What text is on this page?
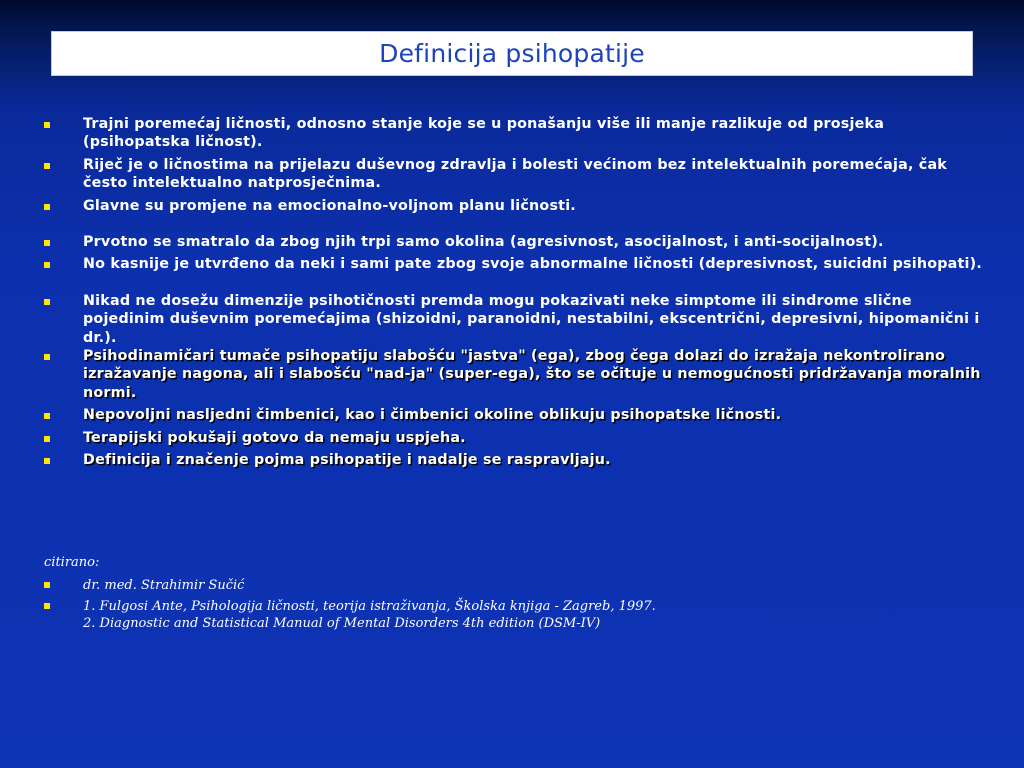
Definicija psihopatije
Trajni poremećaj ličnosti, odnosno stanje koje se u ponašanju više ili manje razlikuje od prosjeka (psihopatska ličnost).
Riječ je o ličnostima na prijelazu duševnog zdravlja i bolesti većinom bez intelektualnih poremećaja, čak često intelektualno natprosječnima.
Glavne su promjene na emocionalno-voljnom planu ličnosti.
Prvotno se smatralo da zbog njih trpi samo okolina (agresivnost, asocijalnost, i anti-socijalnost).
No kasnije je utvrđeno da neki i sami pate zbog svoje abnormalne ličnosti (depresivnost, suicidni psihopati).
Nikad ne dosežu dimenzije psihotičnosti premda mogu pokazivati neke simptome ili sindrome slične pojedinim duševnim poremećajima (shizoidni, paranoidni, nestabilni, ekscentrični, depresivni, hipomanični i dr.).
Psihodinamičari tumače psihopatiju slabošću "jastva" (ega), zbog čega dolazi do izražaja nekontrolirano izražavanje nagona, ali i slabošću "nad-ja" (super-ega), što se očituje u nemogućnosti pridržavanja moralnih normi.
Nepovoljni nasljedni čimbenici, kao i čimbenici okoline oblikuju psihopatske ličnosti.
Terapijski pokušaji gotovo da nemaju uspjeha.
Definicija i značenje pojma psihopatije i nadalje se raspravljaju.
citirano:
dr. med. Strahimir Sučić
1. Fulgosi Ante, Psihologija ličnosti, teorija istraživanja, Školska knjiga - Zagreb, 1997.
2. Diagnostic and Statistical Manual of Mental Disorders 4th edition (DSM-IV)
